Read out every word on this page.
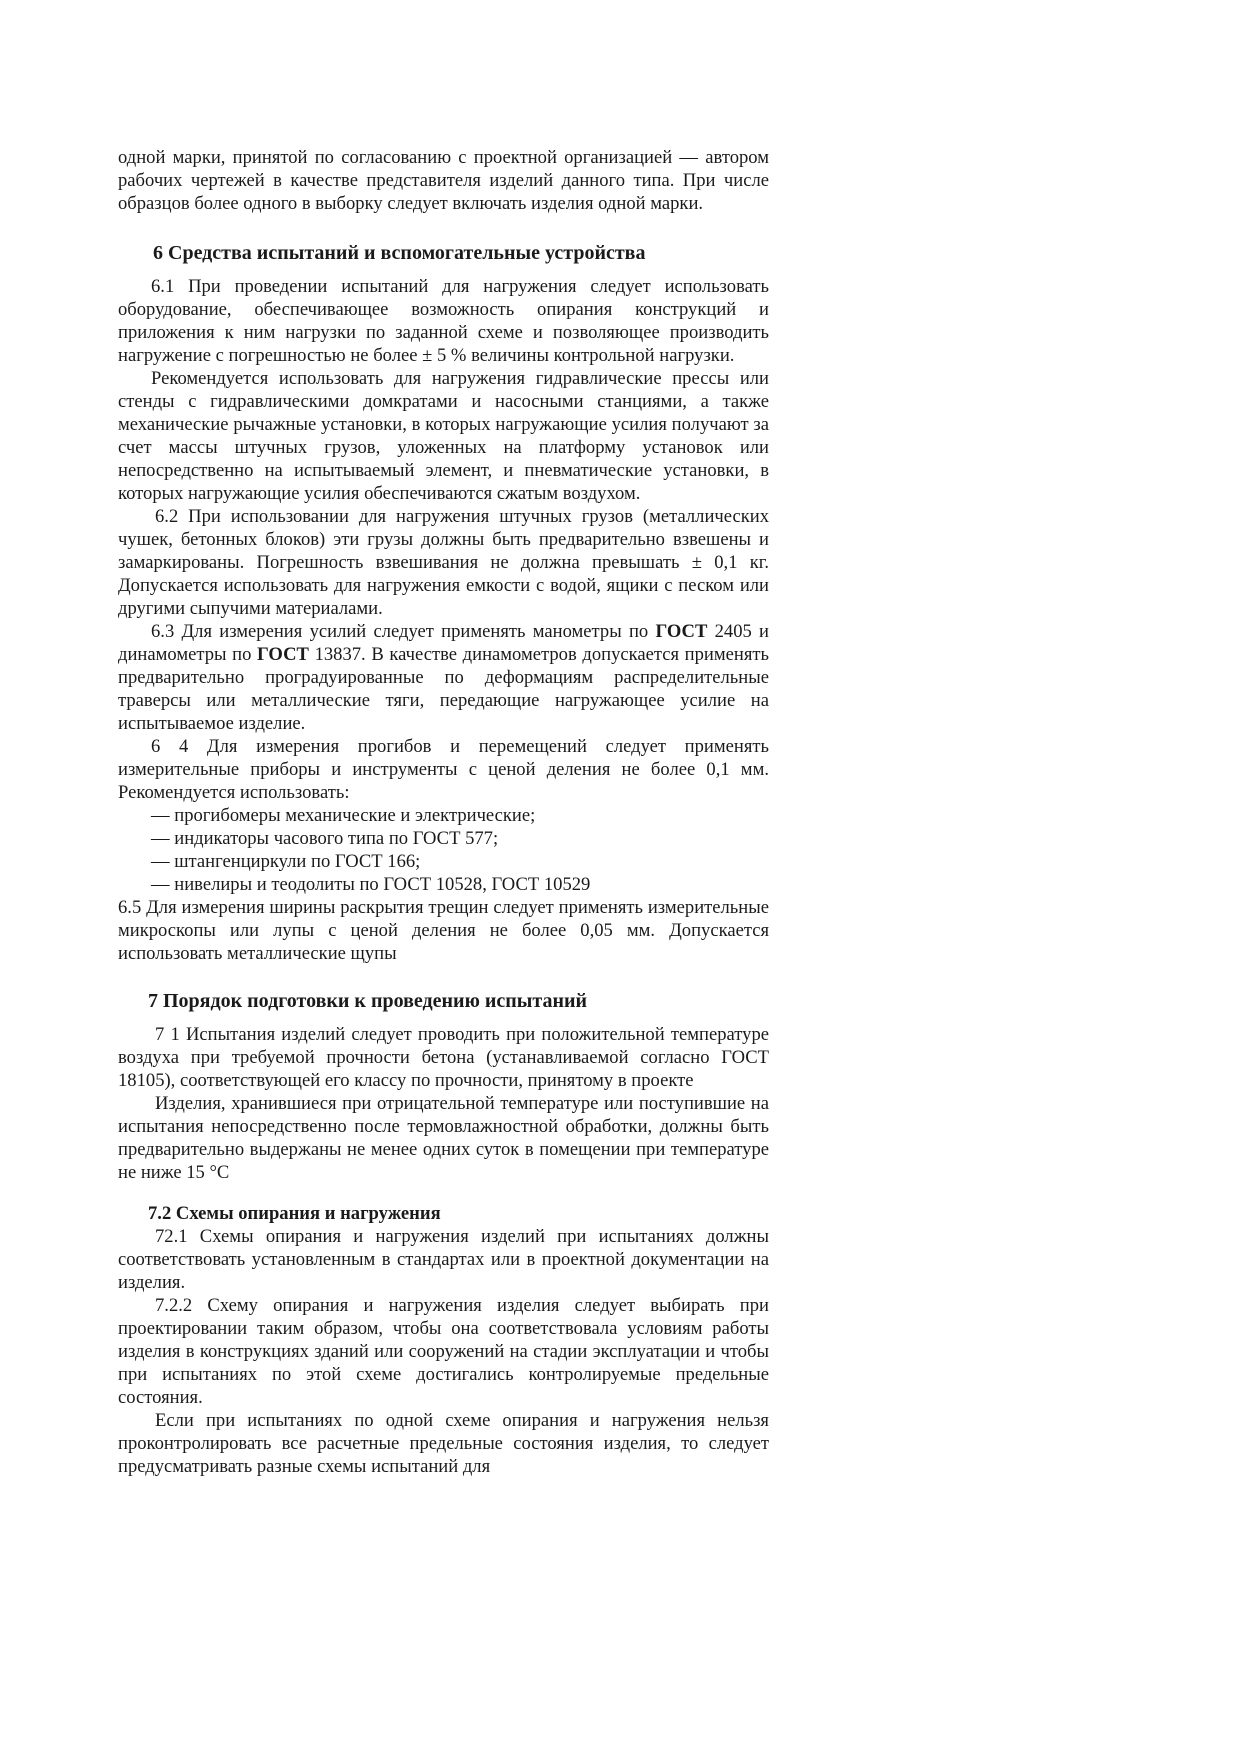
одной марки, принятой по согласованию с проектной организацией — автором рабочих чертежей в качестве представителя изделий данного типа. При числе образцов более одного в выборку следует включать изделия одной марки.

6 Средства испытаний и вспомогательные устройства

6.1 При проведении испытаний для нагружения следует использовать оборудование, обеспечивающее возможность опирания конструкций и приложения к ним нагрузки по заданной схеме и позволяющее производить нагружение с погрешностью не более ± 5 % величины контрольной нагрузки.

Рекомендуется использовать для нагружения гидравлические прессы или стенды с гидравлическими домкратами и насосными станциями, а также механические рычажные установки, в которых нагружающие усилия получают за счет массы штучных грузов, уложенных на платформу установок или непосредственно на испытываемый элемент, и пневматические установки, в которых нагружающие усилия обеспечиваются сжатым воздухом.

6.2 При использовании для нагружения штучных грузов (металлических чушек, бетонных блоков) эти грузы должны быть предварительно взвешены и замаркированы. Погрешность взвешивания не должна превышать ± 0,1 кг. Допускается использовать для нагружения емкости с водой, ящики с песком или другими сыпучими материалами.

6.3 Для измерения усилий следует применять манометры по ГОСТ 2405 и динамометры по ГОСТ 13837. В качестве динамометров допускается применять предварительно проградуированные по деформациям распределительные траверсы или металлические тяги, передающие нагружающее усилие на испытываемое изделие.

6 4 Для измерения прогибов и перемещений следует применять измерительные приборы и инструменты с ценой деления не более 0,1 мм. Рекомендуется использовать:

— прогибомеры механические и электрические;

— индикаторы часового типа по ГОСТ 577;

— штангенциркули по ГОСТ 166;

— нивелиры и теодолиты по ГОСТ 10528, ГОСТ 10529

6.5 Для измерения ширины раскрытия трещин следует применять измерительные микроскопы или лупы с ценой деления не более 0,05 мм. Допускается использовать металлические щупы

7 Порядок подготовки к проведению испытаний

7 1 Испытания изделий следует проводить при положительной температуре воздуха при требуемой прочности бетона (устанавливаемой согласно ГОСТ 18105), соответствующей его классу по прочности, принятому в проекте

Изделия, хранившиеся при отрицательной температуре или поступившие на испытания непосредственно после термовлажностной обработки, должны быть предварительно выдержаны не менее одних суток в помещении при температуре не ниже 15 °С

7.2 Схемы опирания и нагружения

72.1 Схемы опирания и нагружения изделий при испытаниях должны соответствовать установленным в стандартах или в проектной документации на изделия.

7.2.2 Схему опирания и нагружения изделия следует выбирать при проектировании таким образом, чтобы она соответствовала условиям работы изделия в конструкциях зданий или сооружений на стадии эксплуатации и чтобы при испытаниях по этой схеме достигались контролируемые предельные состояния.

Если при испытаниях по одной схеме опирания и нагружения нельзя проконтролировать все расчетные предельные состояния изделия, то следует предусматривать разные схемы испытаний для
